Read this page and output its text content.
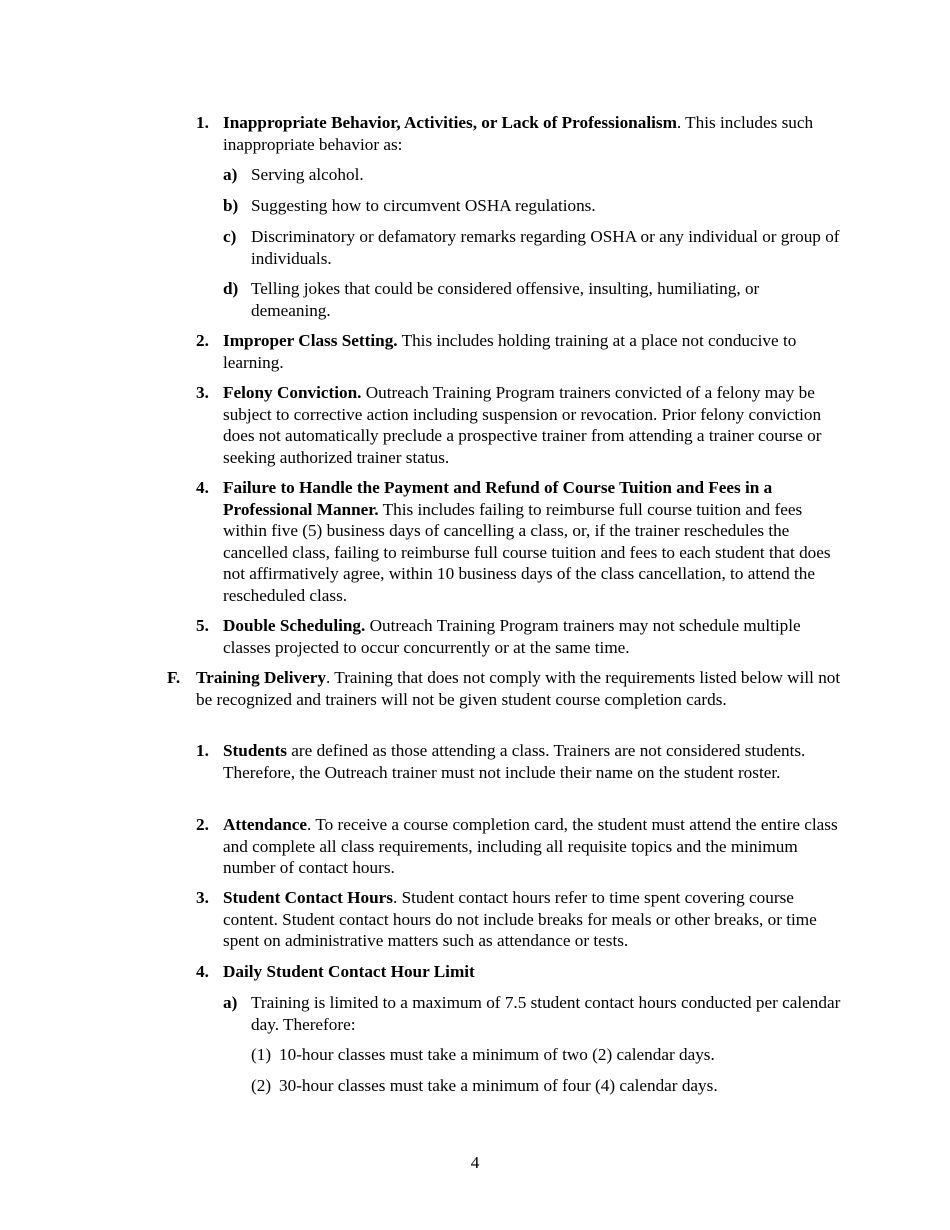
1. Inappropriate Behavior, Activities, or Lack of Professionalism. This includes such inappropriate behavior as:
a) Serving alcohol.
b) Suggesting how to circumvent OSHA regulations.
c) Discriminatory or defamatory remarks regarding OSHA or any individual or group of individuals.
d) Telling jokes that could be considered offensive, insulting, humiliating, or demeaning.
2. Improper Class Setting. This includes holding training at a place not conducive to learning.
3. Felony Conviction. Outreach Training Program trainers convicted of a felony may be subject to corrective action including suspension or revocation. Prior felony conviction does not automatically preclude a prospective trainer from attending a trainer course or seeking authorized trainer status.
4. Failure to Handle the Payment and Refund of Course Tuition and Fees in a Professional Manner. This includes failing to reimburse full course tuition and fees within five (5) business days of cancelling a class, or, if the trainer reschedules the cancelled class, failing to reimburse full course tuition and fees to each student that does not affirmatively agree, within 10 business days of the class cancellation, to attend the rescheduled class.
5. Double Scheduling. Outreach Training Program trainers may not schedule multiple classes projected to occur concurrently or at the same time.
F. Training Delivery. Training that does not comply with the requirements listed below will not be recognized and trainers will not be given student course completion cards.
1. Students are defined as those attending a class. Trainers are not considered students. Therefore, the Outreach trainer must not include their name on the student roster.
2. Attendance. To receive a course completion card, the student must attend the entire class and complete all class requirements, including all requisite topics and the minimum number of contact hours.
3. Student Contact Hours. Student contact hours refer to time spent covering course content. Student contact hours do not include breaks for meals or other breaks, or time spent on administrative matters such as attendance or tests.
4. Daily Student Contact Hour Limit
a) Training is limited to a maximum of 7.5 student contact hours conducted per calendar day. Therefore:
(1) 10-hour classes must take a minimum of two (2) calendar days.
(2) 30-hour classes must take a minimum of four (4) calendar days.
4
